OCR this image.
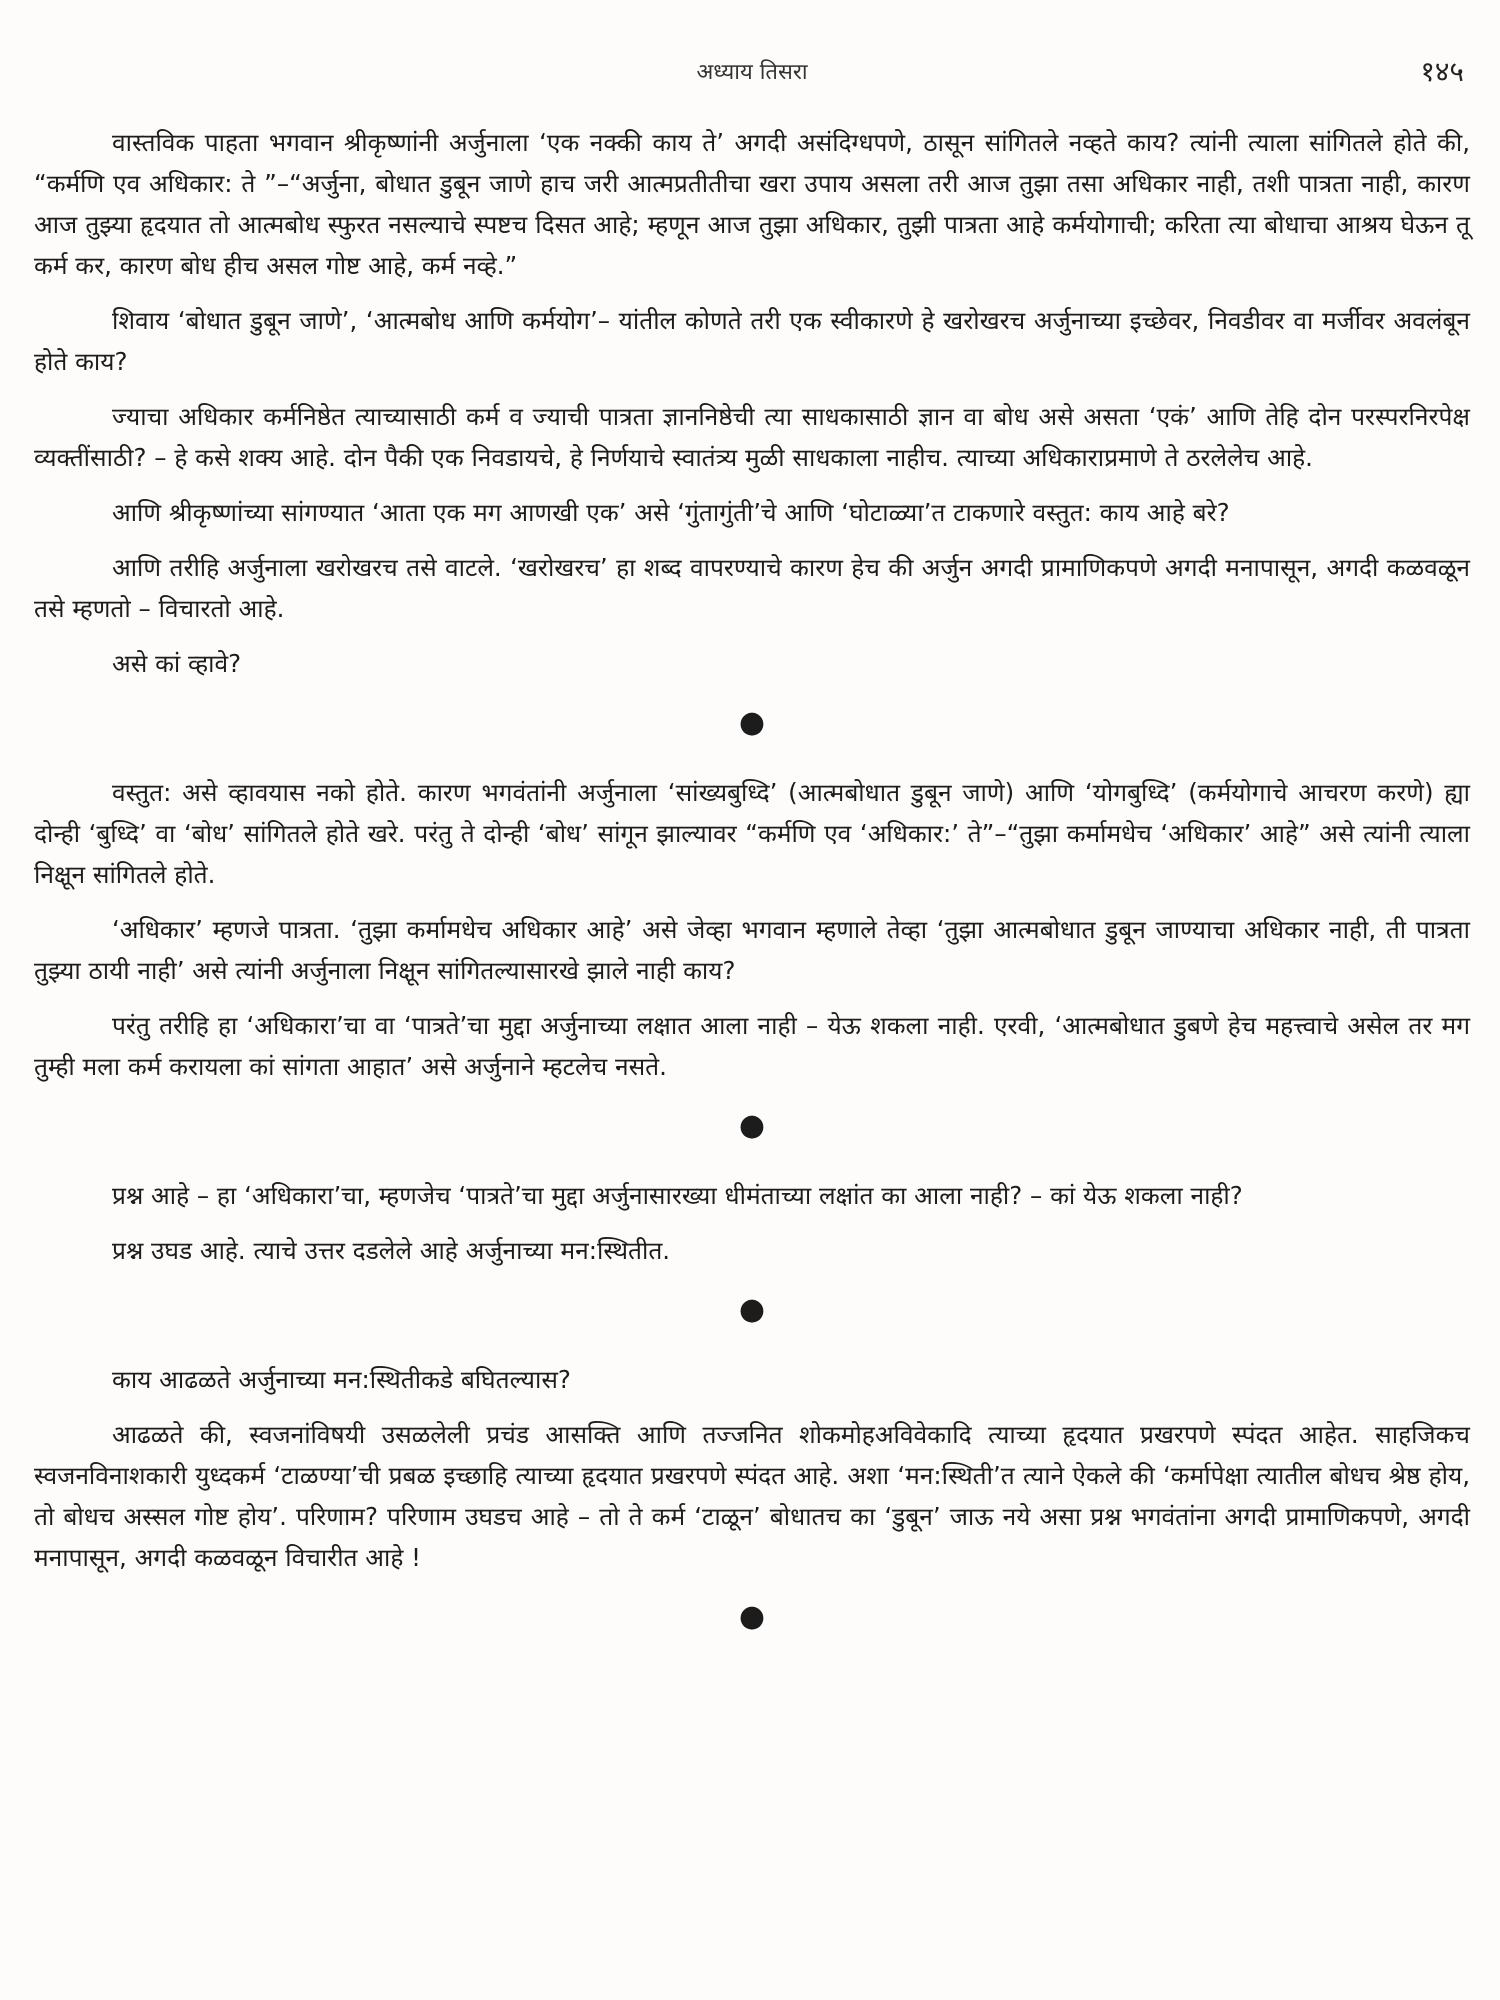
अध्याय तिसरा	१४५

वास्तविक पाहता भगवान श्रीकृष्णांनी अर्जुनाला ‘एक नक्की काय ते’ अगदी असंदिग्धपणे, ठासून सांगितले नव्हते काय? त्यांनी त्याला सांगितले होते की, “कर्मणि एव अधिकार: ते ”–“अर्जुना, बोधात डुबून जाणे हाच जरी आत्मप्रतीतीचा खरा उपाय असला तरी आज तुझा तसा अधिकार नाही, तशी पात्रता नाही, कारण आज तुझ्या हृदयात तो आत्मबोध स्फुरत नसल्याचे स्पष्टच दिसत आहे; म्हणून आज तुझा अधिकार, तुझी पात्रता आहे कर्मयोगाची; करिता त्या बोधाचा आश्रय घेऊन तू कर्म कर, कारण बोध हीच असल गोष्ट आहे, कर्म नव्हे.”

शिवाय ‘बोधात डुबून जाणे’, ‘आत्मबोध आणि कर्मयोग’– यांतील कोणते तरी एक स्वीकारणे हे खरोखरच अर्जुनाच्या इच्छेवर, निवडीवर वा मर्जीवर अवलंबून होते काय?

ज्याचा अधिकार कर्मनिष्ठेत त्याच्यासाठी कर्म व ज्याची पात्रता ज्ञाननिष्ठेची त्या साधकासाठी ज्ञान वा बोध असे असता ‘एकं’ आणि तेहि दोन परस्परनिरपेक्ष व्यक्तींसाठी? – हे कसे शक्य आहे. दोन पैकी एक निवडायचे, हे निर्णयाचे स्वातंत्र्य मुळी साधकाला नाहीच. त्याच्या अधिकाराप्रमाणे ते ठरलेलेच आहे.

आणि श्रीकृष्णांच्या सांगण्यात ‘आता एक मग आणखी एक’ असे ‘गुंतागुंती’चे आणि ‘घोटाळ्या’त टाकणारे वस्तुत: काय आहे बरे?

आणि तरीहि अर्जुनाला खरोखरच तसे वाटले. ‘खरोखरच’ हा शब्द वापरण्याचे कारण हेच की अर्जुन अगदी प्रामाणिकपणे अगदी मनापासून, अगदी कळवळून तसे म्हणतो – विचारतो आहे.

असे कां व्हावे?

●

वस्तुत: असे व्हावयास नको होते. कारण भगवंतांनी अर्जुनाला ‘सांख्यबुध्दि’ (आत्मबोधात डुबून जाणे) आणि ‘योगबुध्दि’ (कर्मयोगाचे आचरण करणे) ह्या दोन्ही ‘बुध्दि’ वा ‘बोध’ सांगितले होते खरे. परंतु ते दोन्ही ‘बोध’ सांगून झाल्यावर “कर्मणि एव ‘अधिकार:’ ते”–“तुझा कर्मामधेच ‘अधिकार’ आहे” असे त्यांनी त्याला निक्षून सांगितले होते.

‘अधिकार’ म्हणजे पात्रता. ‘तुझा कर्मामधेच अधिकार आहे’ असे जेव्हा भगवान म्हणाले तेव्हा ‘तुझा आत्मबोधात डुबून जाण्याचा अधिकार नाही, ती पात्रता तुझ्या ठायी नाही’ असे त्यांनी अर्जुनाला निक्षून सांगितल्यासारखे झाले नाही काय?

परंतु तरीहि हा ‘अधिकारा’चा वा ‘पात्रते’चा मुद्दा अर्जुनाच्या लक्षात आला नाही – येऊ शकला नाही. एरवी, ‘आत्मबोधात डुबणे हेच महत्त्वाचे असेल तर मग तुम्ही मला कर्म करायला कां सांगता आहात’ असे अर्जुनाने म्हटलेच नसते.

●

प्रश्न आहे – हा ‘अधिकारा’चा, म्हणजेच ‘पात्रते’चा मुद्दा अर्जुनासारख्या धीमंताच्या लक्षांत का आला नाही? – कां येऊ शकला नाही?

प्रश्न उघड आहे. त्याचे उत्तर दडलेले आहे अर्जुनाच्या मन:स्थितीत.

●

काय आढळते अर्जुनाच्या मन:स्थितीकडे बघितल्यास?

आढळते की, स्वजनांविषयी उसळलेली प्रचंड आसक्ति आणि तज्जनित शोकमोहअविवेकादि त्याच्या हृदयात प्रखरपणे स्पंदत आहेत. साहजिकच स्वजनविनाशकारी युध्दकर्म ‘टाळण्या’ची प्रबळ इच्छाहि त्याच्या हृदयात प्रखरपणे स्पंदत आहे. अशा ‘मन:स्थिती’त त्याने ऐकले की ‘कर्मापेक्षा त्यातील बोधच श्रेष्ठ होय, तो बोधच अस्सल गोष्ट होय’. परिणाम? परिणाम उघडच आहे – तो ते कर्म ‘टाळून’ बोधातच का ‘डुबून’ जाऊ नये असा प्रश्न भगवंतांना अगदी प्रामाणिकपणे, अगदी मनापासून, अगदी कळवळून विचारीत आहे !

●
